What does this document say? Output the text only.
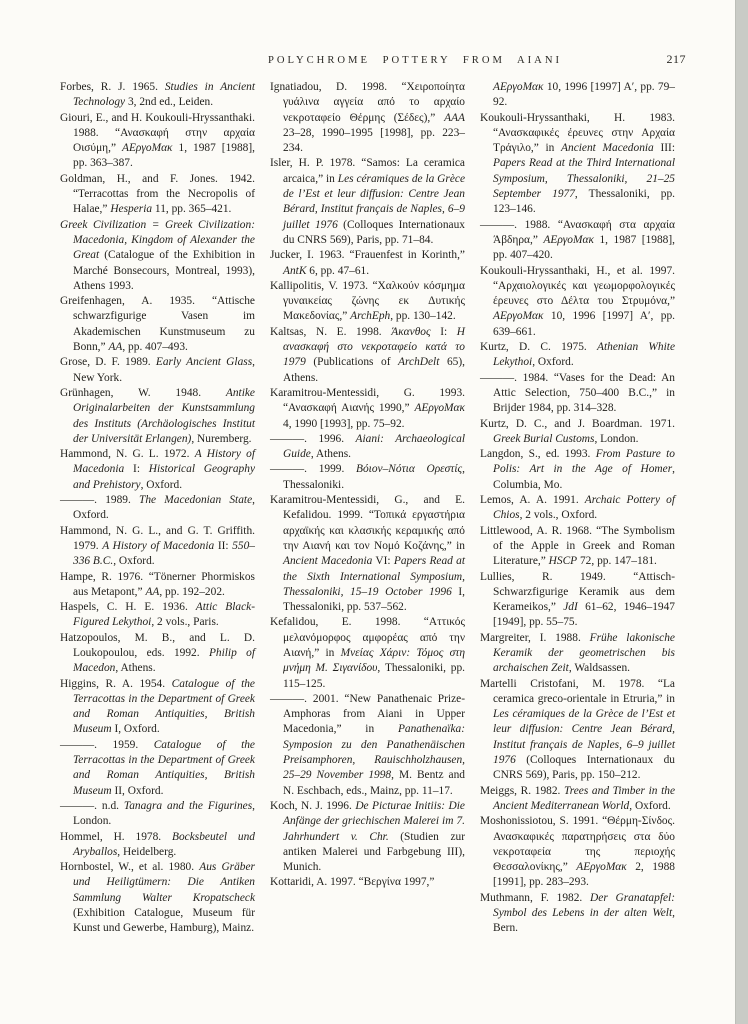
POLYCHROME POTTERY FROM AIANI	217

Forbes, R. J. 1965. Studies in Ancient Technology 3, 2nd ed., Leiden.

Giouri, E., and H. Koukouli-Hryssanthaki. 1988. “Ανασκαφή στην αρχαία Οισύμη,” ΑΕργοΜακ 1, 1987 [1988], pp. 363–387.

Goldman, H., and F. Jones. 1942. “Terracottas from the Necropolis of Halae,” Hesperia 11, pp. 365–421.

Greek Civilization = Greek Civilization: Macedonia, Kingdom of Alexander the Great (Catalogue of the Exhibition in Marché Bonsecours, Montreal, 1993), Athens 1993.

Greifenhagen, A. 1935. “Attische schwarzfigurige Vasen im Akademischen Kunstmuseum zu Bonn,” AA, pp. 407–493.

Grose, D. F. 1989. Early Ancient Glass, New York.

Grünhagen, W. 1948. Antike Originalarbeiten der Kunstsammlung des Instituts (Archäologisches Institut der Universität Erlangen), Nuremberg.

Hammond, N. G. L. 1972. A History of Macedonia I: Historical Geography and Prehistory, Oxford.

———. 1989. The Macedonian State, Oxford.

Hammond, N. G. L., and G. T. Griffith. 1979. A History of Macedonia II: 550–336 B.C., Oxford.

Hampe, R. 1976. “Tönerner Phormiskos aus Metapont,” AA, pp. 192–202.

Haspels, C. H. E. 1936. Attic Black-Figured Lekythoi, 2 vols., Paris.

Hatzopoulos, M. B., and L. D. Loukopoulou, eds. 1992. Philip of Macedon, Athens.

Higgins, R. A. 1954. Catalogue of the Terracottas in the Department of Greek and Roman Antiquities, British Museum I, Oxford.

———. 1959. Catalogue of the Terracottas in the Department of Greek and Roman Antiquities, British Museum II, Oxford.

———. n.d. Tanagra and the Figurines, London.

Hommel, H. 1978. Bocksbeutel und Aryballos, Heidelberg.

Hornbostel, W., et al. 1980. Aus Gräber und Heiligtümern: Die Antiken Sammlung Walter Kropatscheck (Exhibition Catalogue, Museum für Kunst und Gewerbe, Hamburg), Mainz.

Ignatiadou, D. 1998. “Χειροποίητα γυάλινα αγγεία από το αρχαίο νεκροταφείο Θέρμης (Σέδες),” ΑΑΑ 23–28, 1990–1995 [1998], pp. 223–234.

Isler, H. P. 1978. “Samos: La ceramica arcaica,” in Les céramiques de la Grèce de l’Est et leur diffusion: Centre Jean Bérard, Institut français de Naples, 6–9 juillet 1976 (Colloques Internationaux du CNRS 569), Paris, pp. 71–84.

Jucker, I. 1963. “Frauenfest in Korinth,” AntK 6, pp. 47–61.

Kallipolitis, V. 1973. “Χαλκούν κόσμημα γυναικείας ζώνης εκ Δυτικής Μακεδονίας,” ArchEph, pp. 130–142.

Kaltsas, N. E. 1998. Άκανθος I: Η ανασκαφή στο νεκροταφείο κατά το 1979 (Publications of ArchDelt 65), Athens.

Karamitrou-Mentessidi, G. 1993. “Ανασκαφή Αιανής 1990,” ΑΕργοΜακ 4, 1990 [1993], pp. 75–92.

———. 1996. Aiani: Archaeological Guide, Athens.

———. 1999. Βόιον–Νότια Ορεστίς, Thessaloniki.

Karamitrou-Mentessidi, G., and E. Kefalidou. 1999. “Τοπικά εργαστήρια αρχαϊκής και κλασικής κεραμικής από την Αιανή και τον Νομό Κοζάνης,” in Ancient Macedonia VI: Papers Read at the Sixth International Symposium, Thessaloniki, 15–19 October 1996 I, Thessaloniki, pp. 537–562.

Kefalidou, E. 1998. “Αττικός μελανόμορφος αμφορέας από την Αιανή,” in Μνείας Χάριν: Τόμος στη μνήμη Μ. Σιγανίδου, Thessaloniki, pp. 115–125.

———. 2001. “New Panathenaic Prize-Amphoras from Aiani in Upper Macedonia,” in Panathenaïka: Symposion zu den Panathenäischen Preisamphoren, Rauischholzhausen, 25–29 November 1998, M. Bentz and N. Eschbach, eds., Mainz, pp. 11–17.

Koch, N. J. 1996. De Picturae Initiis: Die Anfänge der griechischen Malerei im 7. Jahrhundert v. Chr. (Studien zur antiken Malerei und Farbgebung III), Munich.

Kottaridi, A. 1997. “Βεργίνα 1997,”

ΑΕργοΜακ 10, 1996 [1997] Α′, pp. 79–92.

Koukouli-Hryssanthaki, H. 1983. “Ανασκαφικές έρευνες στην Αρχαία Τράγιλο,” in Ancient Macedonia III: Papers Read at the Third International Symposium, Thessaloniki, 21–25 September 1977, Thessaloniki, pp. 123–146.

———. 1988. “Ανασκαφή στα αρχαία Άβδηρα,” ΑΕργοΜακ 1, 1987 [1988], pp. 407–420.

Koukouli-Hryssanthaki, H., et al. 1997. “Αρχαιολογικές και γεωμορφολογικές έρευνες στο Δέλτα του Στρυμόνα,” ΑΕργοΜακ 10, 1996 [1997] Α′, pp. 639–661.

Kurtz, D. C. 1975. Athenian White Lekythoi, Oxford.

———. 1984. “Vases for the Dead: An Attic Selection, 750–400 B.C.,” in Brijder 1984, pp. 314–328.

Kurtz, D. C., and J. Boardman. 1971. Greek Burial Customs, London.

Langdon, S., ed. 1993. From Pasture to Polis: Art in the Age of Homer, Columbia, Mo.

Lemos, A. A. 1991. Archaic Pottery of Chios, 2 vols., Oxford.

Littlewood, A. R. 1968. “The Symbolism of the Apple in Greek and Roman Literature,” HSCP 72, pp. 147–181.

Lullies, R. 1949. “Attisch-Schwarzfigurige Keramik aus dem Kerameikos,” JdI 61–62, 1946–1947 [1949], pp. 55–75.

Margreiter, I. 1988. Frühe lakonische Keramik der geometrischen bis archaischen Zeit, Waldsassen.

Martelli Cristofani, M. 1978. “La ceramica greco-orientale in Etruria,” in Les céramiques de la Grèce de l’Est et leur diffusion: Centre Jean Bérard, Institut français de Naples, 6–9 juillet 1976 (Colloques Internationaux du CNRS 569), Paris, pp. 150–212.

Meiggs, R. 1982. Trees and Timber in the Ancient Mediterranean World, Oxford.

Moshonissiotou, S. 1991. “Θέρμη-Σίνδος. Ανασκαφικές παρατηρήσεις στα δύο νεκροταφεία της περιοχής Θεσσαλονίκης,” ΑΕργοΜακ 2, 1988 [1991], pp. 283–293.

Muthmann, F. 1982. Der Granatapfel: Symbol des Lebens in der alten Welt, Bern.
